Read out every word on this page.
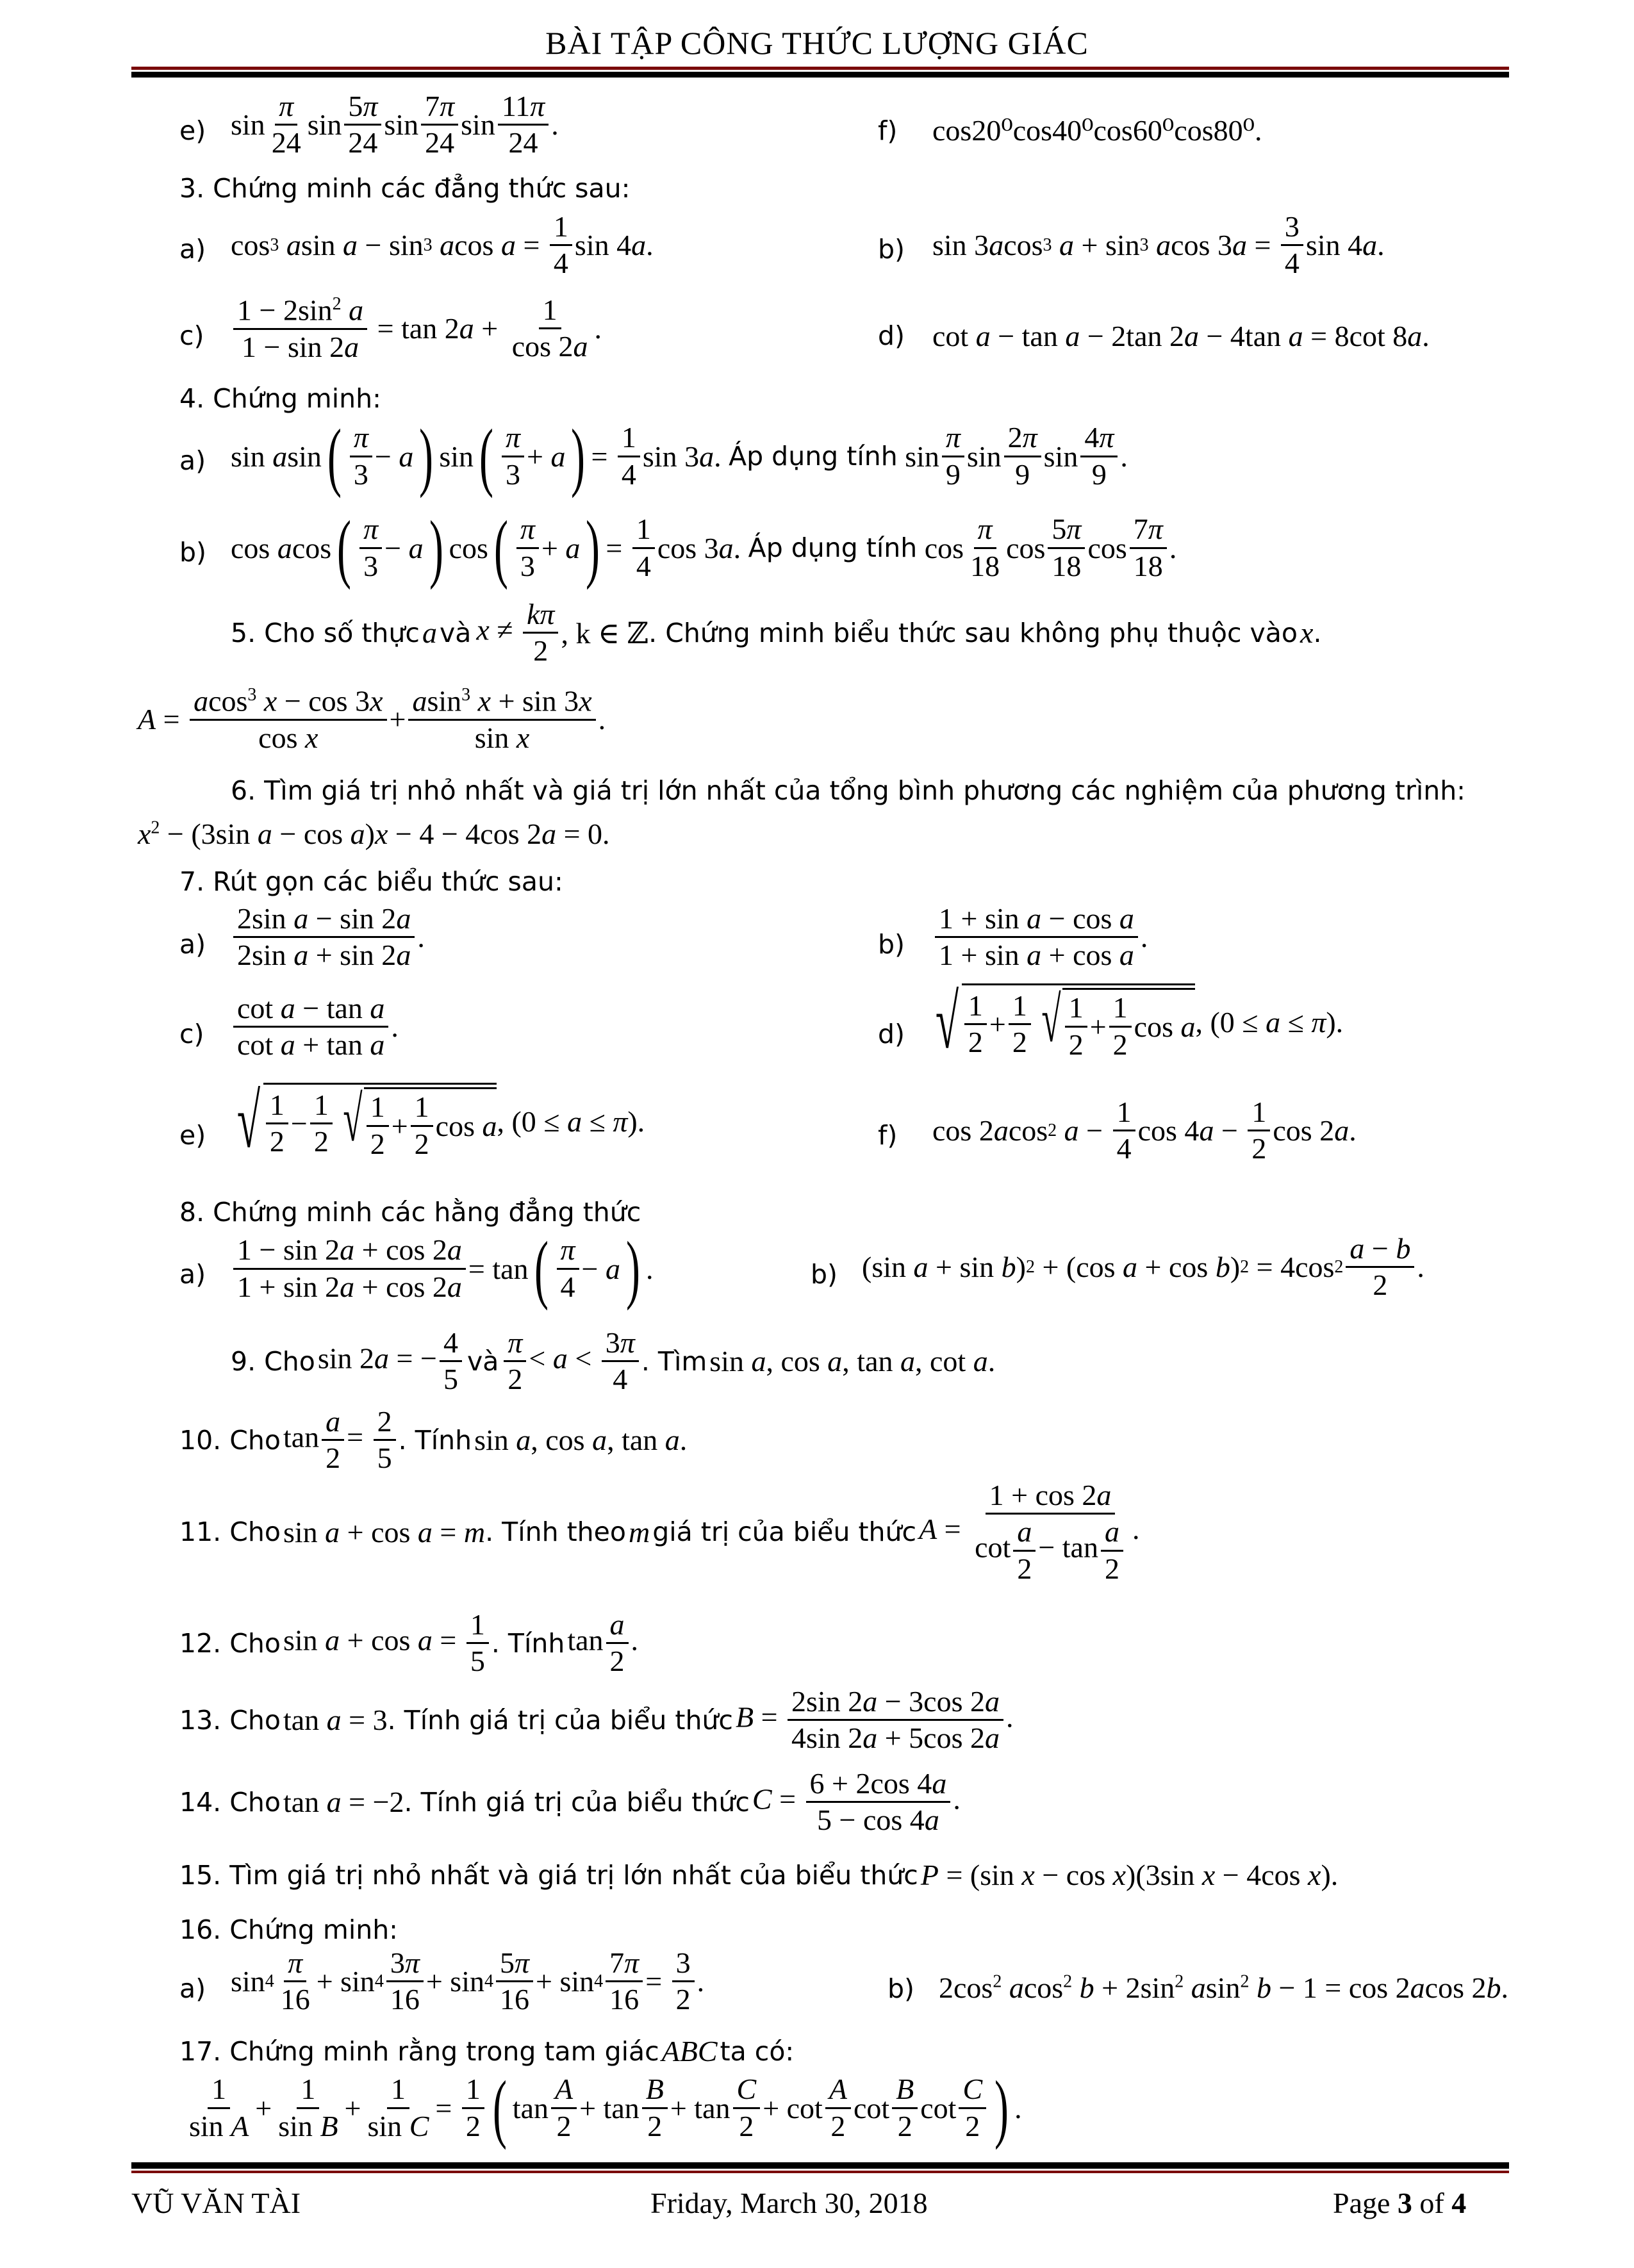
BÀI TẬP CÔNG THỨC LƯỢNG GIÁC
e) $\sin \frac{\pi}{24}$ $\sin \frac{5\pi}{24}$ $\sin \frac{7\pi}{24}$ $\sin \frac{11\pi}{24}$ .	f) cos20⁰cos40⁰cos60⁰cos80⁰.
3. Chứng minh các đẳng thức sau:
a) cos 3
a sin a − sin 3
a $\cos a = \frac{1}{4}$ sin 4 a .	b) sin 3 a cos 3
a + sin 3
a cos 3 $a = \frac{3}{4}$ sin 4 a .
$c) \frac{1 - 2\sin^2 a}{1 - \sin 2a} = \tan 2$ $a + \frac{1}{\cos 2a}$ .	d) cot a − tan a − 2tan 2a − 4tan a = 8cot 8a.
4. Chứng minh:
a) sin a sin ( $\frac{\pi}{3} - a$ ) sin ( $\frac{\pi}{3} + a$ ) = $\frac{1}{4}$ sin 3 a . Áp dụng tính $\sin \frac{\pi}{9}$ $\sin \frac{2\pi}{9}$ $\sin \frac{4\pi}{9}$ .
b) cos a cos ( $\frac{\pi}{3} - a$ ) cos ( $\frac{\pi}{3} + a$ ) = $\frac{1}{4}$ cos 3 a . Áp dụng tính $\cos \frac{\pi}{18}$ $\cos \frac{5\pi}{18}$ $\cos \frac{7\pi}{18}$ .
5. Cho số thực
a
và
$x \ne \frac{k\pi}{2}$ , k ∈ ℤ . Chứng minh biểu thức sau không phụ thuộc vào
x .
$A = \frac{acos^3 x - \cos 3x}{\text{cos x}} + \frac{asin^3 x + \sin 3x}{\text{sin x}}$ .
6. Tìm giá trị nhỏ nhất và giá trị lớn nhất của tổng bình phương các nghiệm của phương trình:
$x^2 - (3\sin$ a − cos a)x − 4 − 4cos 2a = 0.
7. Rút gọn các biểu thức sau:
$a) \frac{\text{2sin a − sin 2a}}{\text{2sin a + sin 2a}}$ .	$b) \frac{\text{1 + sin a − cos a}}{\text{1 + sin a + cos a}}$ .
$c) \frac{\text{cot a − tan a}}{\text{cot a + tan a}}$ .	d) √ $\frac{1}{2} + \frac{1}{2}$ √ $\frac{1}{2} + \frac{1}{2}$ cos a , (0 ≤ a ≤ π ).
e) √ $\frac{1}{2} - \frac{1}{2}$ √ $\frac{1}{2} + \frac{1}{2}$ cos a , (0 ≤ a ≤ π ).	f) cos 2 a cos 2
$a - \frac{1}{4}$ cos 4 $a - \frac{1}{2}$ cos 2 a .
8. Chứng minh các hằng đẳng thức
$a) \frac{1 - \sin 2a + \cos 2a}{1 + \sin 2a + \cos 2a} = \tan$ ( $\frac{\pi}{4} - a$ ) .	b) (sin a + sin b ) 2 + (cos a + cos b ) 2 = 4cos $2 \frac{a - b}{2}$ .
9. Cho
sin 2a = − $\frac{4}{5}$
và
$\frac{\pi}{2} < a < \frac{3\pi}{4}$ . Tìm
sin a, cos a, tan a, cot a.
10. Cho
$\tan \frac{a}{2} = \frac{2}{5}$ . Tính
sin a, cos a, tan a.
11. Cho
sin a + cos a = m . Tính theo
m
giá trị của biểu thức
$A = \frac{1 + \cos 2a}{\cot \frac{a}{2} - \tan \frac{a}{2}}$ .
12. Cho
$\sin a + \cos a = \frac{1}{5}$ . Tính
$\tan \frac{a}{2}$ .
13. Cho
tan a = 3 . Tính giá trị của biểu thức
$B = \frac{2\sin 2a - 3\cos 2a}{4\sin 2a + 5\cos 2a}$ .
14. Cho
tan a = −2 . Tính giá trị của biểu thức
$C = \frac{6 + 2\cos 4a}{5 - \cos 4a}$ .
15. Tìm giá trị nhỏ nhất và giá trị lớn nhất của biểu thức
P = (sin x − cos x)(3sin x − 4cos x).
16. Chứng minh:
a) $\sin 4 \frac{\pi}{16} + \sin 4 \frac{3\pi}{16} + \sin 4 \frac{5\pi}{16} + \sin 4 \frac{7\pi}{16} = \frac{3}{2}$ .	b) $2\cos^2$ acos$^2$ $b + 2\sin^2$ asin$^2$ b − 1 = cos 2acos 2b.
17. Chứng minh rằng trong tam giác
ABC
ta có:
$\frac{1}{\text{sin A}} + \frac{1}{\text{sin B}} + \frac{1}{\text{sin C}} = \frac{1}{2}$ ( $\tan \frac{A}{2} + \tan \frac{B}{2} + \tan \frac{C}{2} + \cot \frac{A}{2}$ $\cot \frac{B}{2}$ $\cot \frac{C}{2}$ ) .
VŨ VĂN TÀI	Friday, March 30, 2018	Page 3 of 4
